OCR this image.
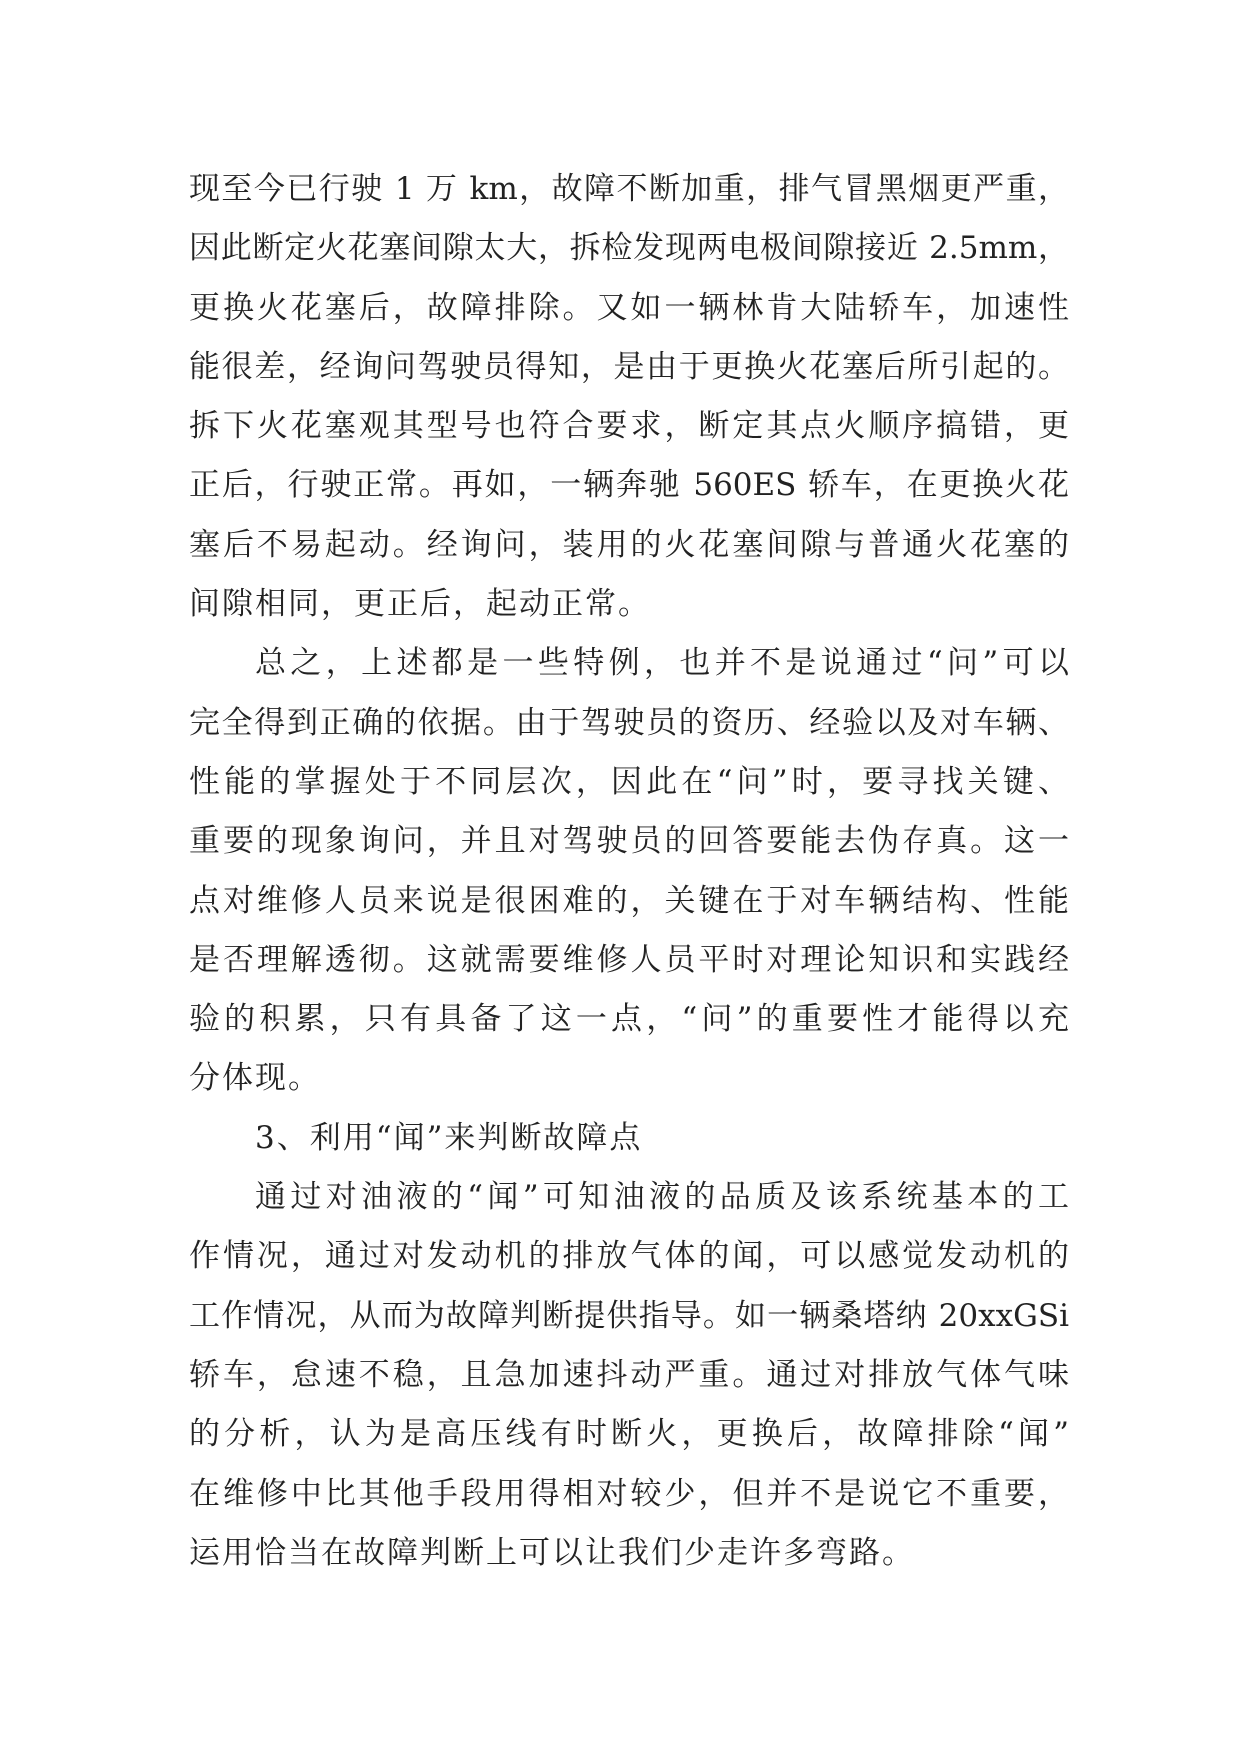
现至今已行驶 1 万 km，故障不断加重，排气冒黑烟更严重，
因此断定火花塞间隙太大，拆检发现两电极间隙接近 2.5mm，
更换火花塞后，故障排除。又如一辆林肯大陆轿车，加速性
能很差，经询问驾驶员得知，是由于更换火花塞后所引起的。
拆下火花塞观其型号也符合要求，断定其点火顺序搞错，更
正后，行驶正常。再如，一辆奔驰 560ES 轿车，在更换火花
塞后不易起动。经询问，装用的火花塞间隙与普通火花塞的
间隙相同，更正后，起动正常。
总之，上述都是一些特例，也并不是说通过“问”可以
完全得到正确的依据。由于驾驶员的资历、经验以及对车辆、
性能的掌握处于不同层次，因此在“问”时，要寻找关键、
重要的现象询问，并且对驾驶员的回答要能去伪存真。这一
点对维修人员来说是很困难的，关键在于对车辆结构、性能
是否理解透彻。这就需要维修人员平时对理论知识和实践经
验的积累，只有具备了这一点，“问”的重要性才能得以充
分体现。
3、利用“闻”来判断故障点
通过对油液的“闻”可知油液的品质及该系统基本的工
作情况，通过对发动机的排放气体的闻，可以感觉发动机的
工作情况，从而为故障判断提供指导。如一辆桑塔纳 20xxGSi
轿车，怠速不稳，且急加速抖动严重。通过对排放气体气味
的分析，认为是高压线有时断火，更换后，故障排除“闻”
在维修中比其他手段用得相对较少，但并不是说它不重要，
运用恰当在故障判断上可以让我们少走许多弯路。
